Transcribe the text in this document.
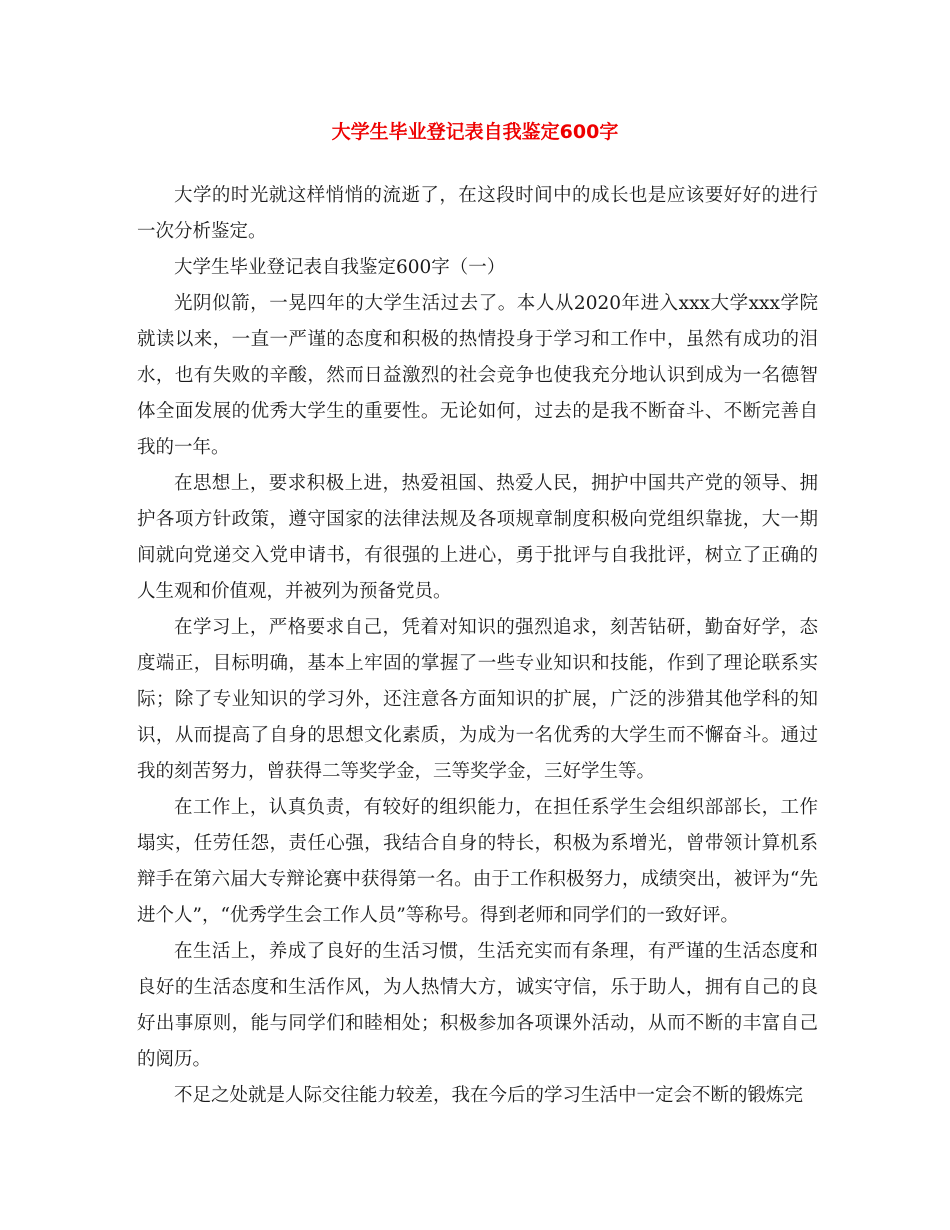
大学生毕业登记表自我鉴定600字

大学的时光就这样悄悄的流逝了，在这段时间中的成长也是应该要好好的进行一次分析鉴定。

大学生毕业登记表自我鉴定600字（一）

光阴似箭，一晃四年的大学生活过去了。本人从2020年进入xxx大学xxx学院就读以来，一直一严谨的态度和积极的热情投身于学习和工作中，虽然有成功的泪水，也有失败的辛酸，然而日益激烈的社会竞争也使我充分地认识到成为一名德智体全面发展的优秀大学生的重要性。无论如何，过去的是我不断奋斗、不断完善自我的一年。

在思想上，要求积极上进，热爱祖国、热爱人民，拥护中国共产党的领导、拥护各项方针政策，遵守国家的法律法规及各项规章制度积极向党组织靠拢，大一期间就向党递交入党申请书，有很强的上进心，勇于批评与自我批评，树立了正确的人生观和价值观，并被列为预备党员。

在学习上，严格要求自己，凭着对知识的强烈追求，刻苦钻研，勤奋好学，态度端正，目标明确，基本上牢固的掌握了一些专业知识和技能，作到了理论联系实际；除了专业知识的学习外，还注意各方面知识的扩展，广泛的涉猎其他学科的知识，从而提高了自身的思想文化素质，为成为一名优秀的大学生而不懈奋斗。通过我的刻苦努力，曾获得二等奖学金，三等奖学金，三好学生等。

在工作上，认真负责，有较好的组织能力，在担任系学生会组织部部长，工作塌实，任劳任怨，责任心强，我结合自身的特长，积极为系增光，曾带领计算机系辩手在第六届大专辩论赛中获得第一名。由于工作积极努力，成绩突出，被评为“先进个人”，“优秀学生会工作人员”等称号。得到老师和同学们的一致好评。

在生活上，养成了良好的生活习惯，生活充实而有条理，有严谨的生活态度和良好的生活态度和生活作风，为人热情大方，诚实守信，乐于助人，拥有自己的良好出事原则，能与同学们和睦相处；积极参加各项课外活动，从而不断的丰富自己的阅历。

不足之处就是人际交往能力较差，我在今后的学习生活中一定会不断的锻炼完
